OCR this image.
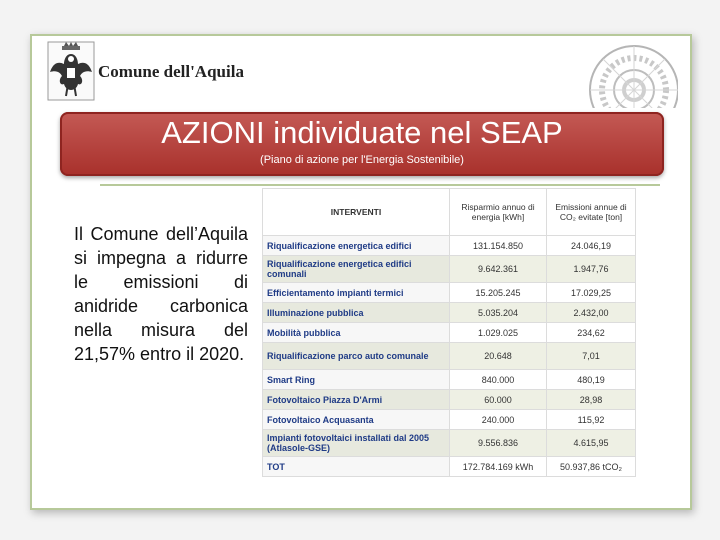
Comune dell'Aquila
AZIONI individuate nel SEAP
(Piano di azione per l'Energia Sostenibile)
Il Comune dell’Aquila si impegna a ridurre le emissioni di anidride carbonica nella misura del 21,57% entro il 2020.
INTERVENTI	Risparmio annuo di energia [kWh]	Emissioni annue di CO₂ evitate [ton]
Riqualificazione energetica edifici	131.154.850	24.046,19
Riqualificazione energetica edifici comunali	9.642.361	1.947,76
Efficientamento impianti termici	15.205.245	17.029,25
Illuminazione pubblica	5.035.204	2.432,00
Mobilità pubblica	1.029.025	234,62
Riqualificazione parco auto comunale	20.648	7,01
Smart Ring	840.000	480,19
Fotovoltaico Piazza D'Armi	60.000	28,98
Fotovoltaico Acquasanta	240.000	115,92
Impianti fotovoltaici installati dal 2005 (Atlasole-GSE)	9.556.836	4.615,95
TOT	172.784.169 kWh	50.937,86 tCO₂
